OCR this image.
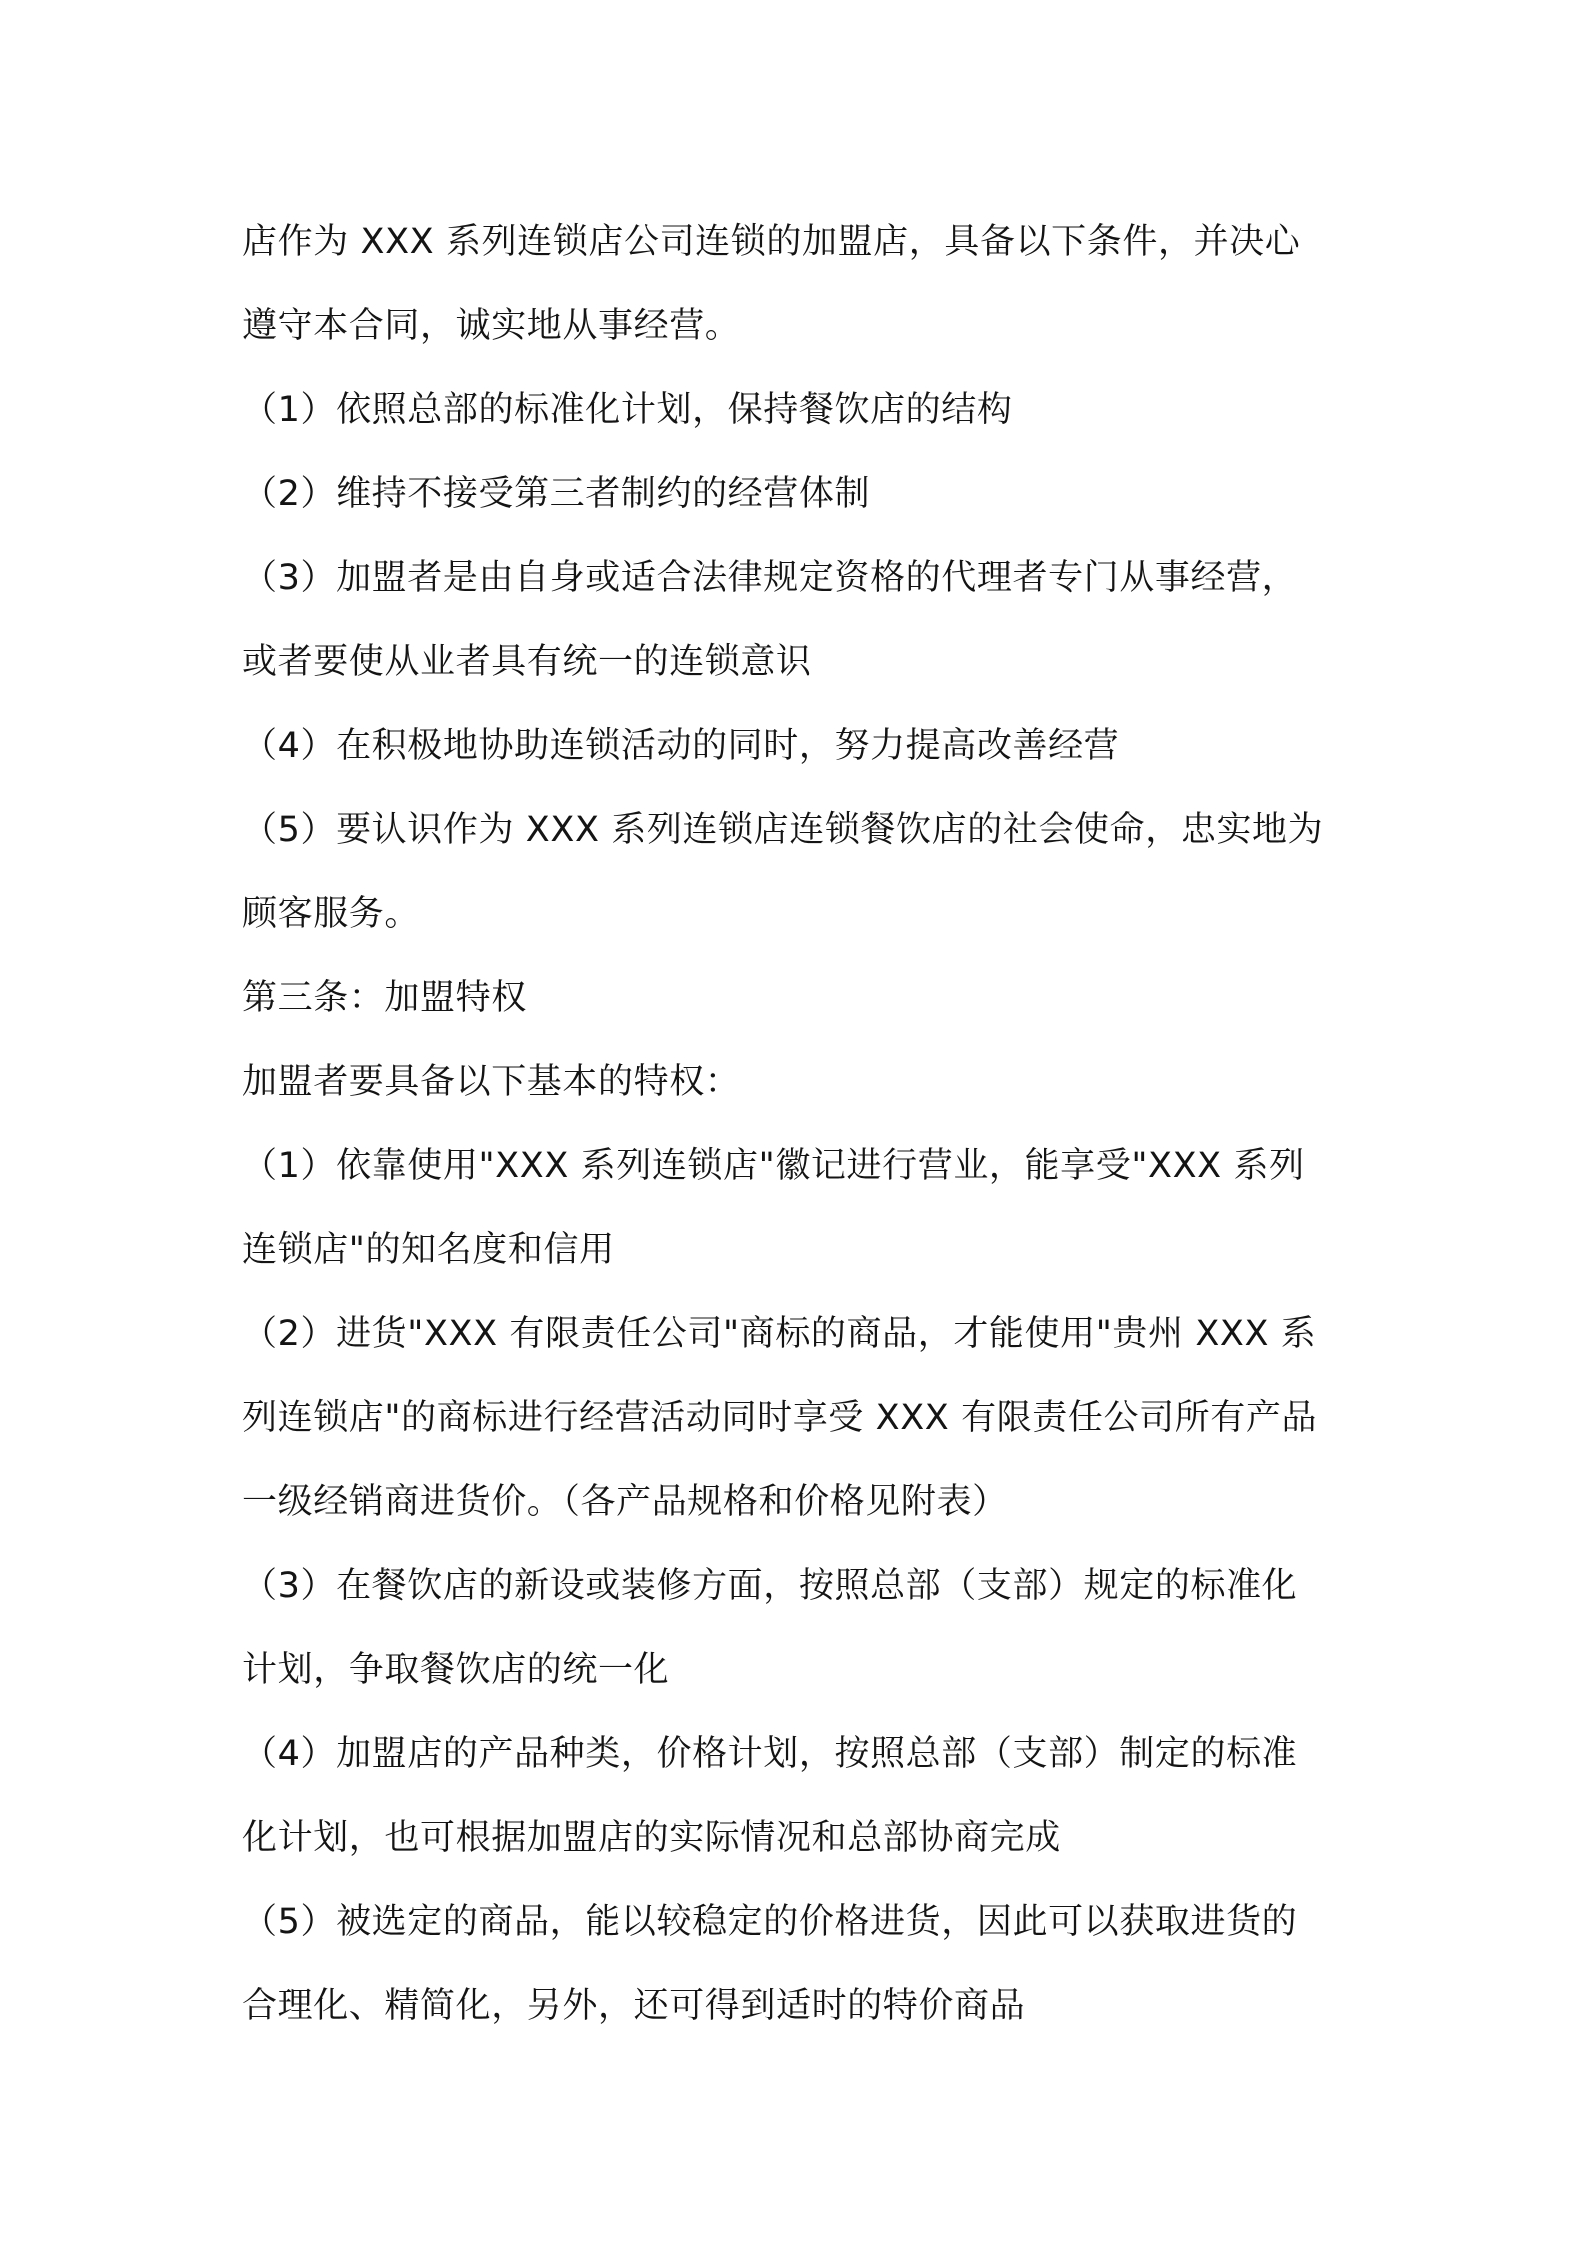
店作为 XXX 系列连锁店公司连锁的加盟店，具备以下条件，并决心
遵守本合同，诚实地从事经营。
（1）依照总部的标准化计划，保持餐饮店的结构
（2）维持不接受第三者制约的经营体制
（3）加盟者是由自身或适合法律规定资格的代理者专门从事经营，
或者要使从业者具有统一的连锁意识
（4）在积极地协助连锁活动的同时，努力提高改善经营
（5）要认识作为 XXX 系列连锁店连锁餐饮店的社会使命，忠实地为
顾客服务。
第三条：加盟特权
加盟者要具备以下基本的特权：
（1）依靠使用"XXX 系列连锁店"徽记进行营业，能享受"XXX 系列
连锁店"的知名度和信用
（2）进货"XXX 有限责任公司"商标的商品，才能使用"贵州 XXX 系
列连锁店"的商标进行经营活动同时享受 XXX 有限责任公司所有产品
一级经销商进货价。（各产品规格和价格见附表）
（3）在餐饮店的新设或装修方面，按照总部（支部）规定的标准化
计划，争取餐饮店的统一化
（4）加盟店的产品种类，价格计划，按照总部（支部）制定的标准
化计划，也可根据加盟店的实际情况和总部协商完成
（5）被选定的商品，能以较稳定的价格进货，因此可以获取进货的
合理化、精简化，另外，还可得到适时的特价商品
